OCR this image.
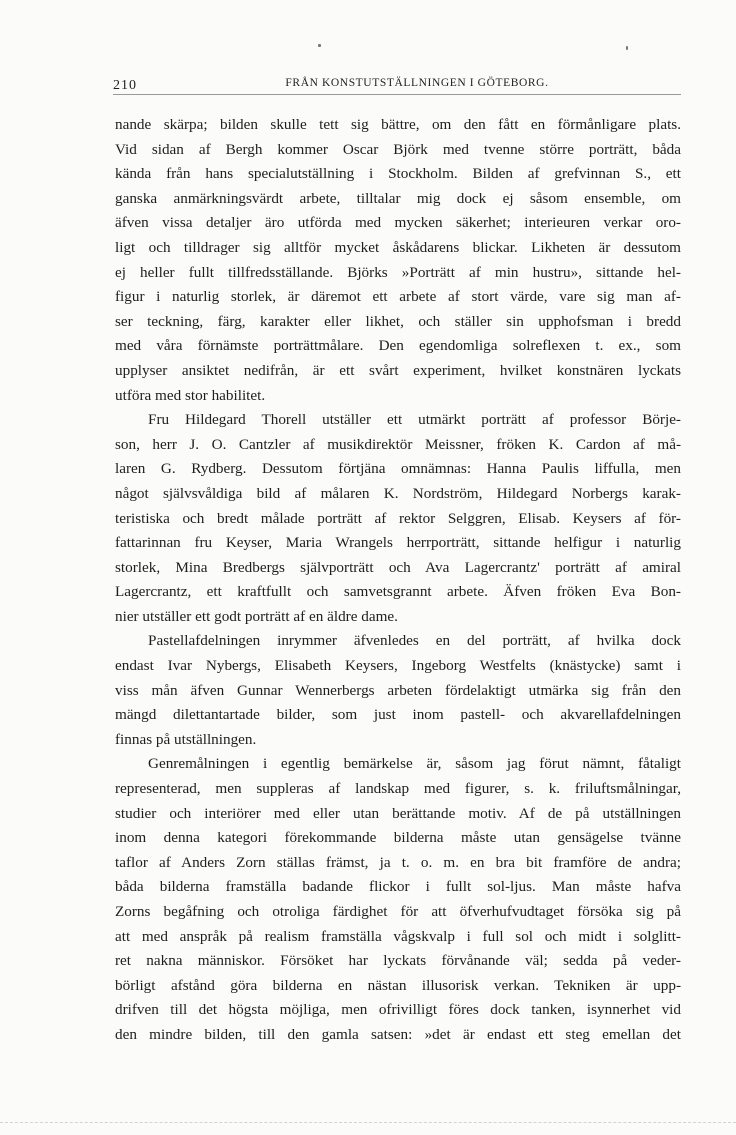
210	FRÅN KONSTUTSTÄLLNINGEN I GÖTEBORG.
nande skärpa; bilden skulle tett sig bättre, om den fått en förmånligare plats.
Vid sidan af Bergh kommer Oscar Björk med tvenne större porträtt, båda
kända från hans specialutställning i Stockholm. Bilden af grefvinnan S., ett
ganska anmärkningsvärdt arbete, tilltalar mig dock ej såsom ensemble, om
äfven vissa detaljer äro utförda med mycken säkerhet; interieuren verkar oro-
ligt och tilldrager sig alltför mycket åskådarens blickar. Likheten är dessutom
ej heller fullt tillfredsställande. Björks »Porträtt af min hustru», sittande hel-
figur i naturlig storlek, är däremot ett arbete af stort värde, vare sig man af-
ser teckning, färg, karakter eller likhet, och ställer sin upphofsman i bredd
med våra förnämste porträttmålare. Den egendomliga solreflexen t. ex., som
upplyser ansiktet nedifrån, är ett svårt experiment, hvilket konstnären lyckats
utföra med stor habilitet.
Fru Hildegard Thorell utställer ett utmärkt porträtt af professor Börje-
son, herr J. O. Cantzler af musikdirektör Meissner, fröken K. Cardon af må-
laren G. Rydberg. Dessutom förtjäna omnämnas: Hanna Paulis liffulla, men
något självsvåldiga bild af målaren K. Nordström, Hildegard Norbergs karak-
teristiska och bredt målade porträtt af rektor Selggren, Elisab. Keysers af för-
fattarinnan fru Keyser, Maria Wrangels herrporträtt, sittande helfigur i naturlig
storlek, Mina Bredbergs självporträtt och Ava Lagercrantz' porträtt af amiral
Lagercrantz, ett kraftfullt och samvetsgrannt arbete. Äfven fröken Eva Bon-
nier utställer ett godt porträtt af en äldre dame.
Pastellafdelningen inrymmer äfvenledes en del porträtt, af hvilka dock
endast Ivar Nybergs, Elisabeth Keysers, Ingeborg Westfelts (knästycke) samt i
viss mån äfven Gunnar Wennerbergs arbeten fördelaktigt utmärka sig från den
mängd dilettantartade bilder, som just inom pastell- och akvarellafdelningen
finnas på utställningen.
Genremålningen i egentlig bemärkelse är, såsom jag förut nämnt, fåtaligt
representerad, men suppleras af landskap med figurer, s. k. friluftsmålningar,
studier och interiörer med eller utan berättande motiv. Af de på utställningen
inom denna kategori förekommande bilderna måste utan gensägelse tvänne
taflor af Anders Zorn ställas främst, ja t. o. m. en bra bit framföre de andra;
båda bilderna framställa badande flickor i fullt sol-ljus. Man måste hafva
Zorns begåfning och otroliga färdighet för att öfverhufvudtaget försöka sig på
att med anspråk på realism framställa vågskvalp i full sol och midt i solglitt-
ret nakna människor. Försöket har lyckats förvånande väl; sedda på veder-
börligt afstånd göra bilderna en nästan illusorisk verkan. Tekniken är upp-
drifven till det högsta möjliga, men ofrivilligt föres dock tanken, isynnerhet vid
den mindre bilden, till den gamla satsen: »det är endast ett steg emellan det
